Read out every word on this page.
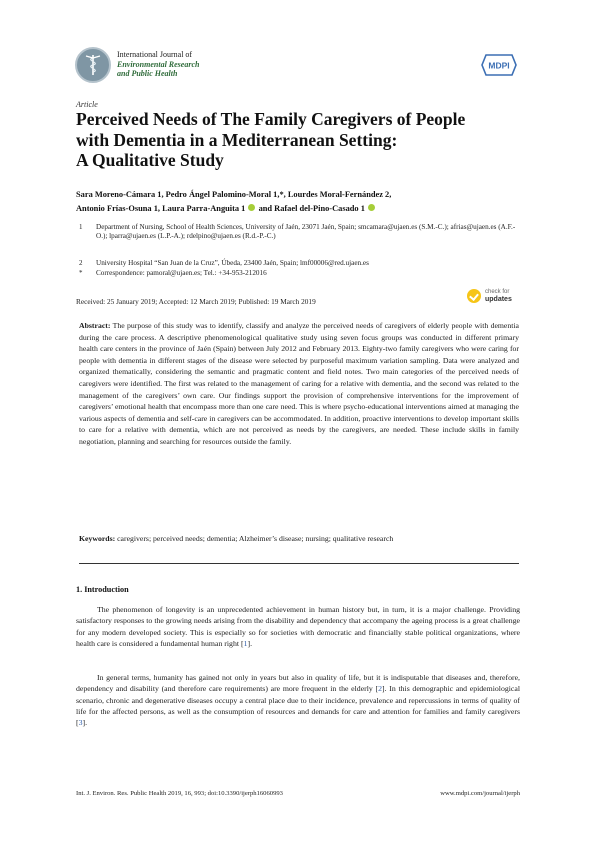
International Journal of
Environmental Research
and Public Health
MDPI
Article
Perceived Needs of The Family Caregivers of People
with Dementia in a Mediterranean Setting:
A Qualitative Study
Sara Moreno-Cámara 1, Pedro Ángel Palomino-Moral 1,*, Lourdes Moral-Fernández 2,
Antonio Frías-Osuna 1, Laura Parra-Anguita 1  and Rafael del-Pino-Casado 1
1	Department of Nursing, School of Health Sciences, University of Jaén, 23071 Jaén, Spain; smcamara@ujaen.es (S.M.-C.); afrias@ujaen.es (A.F.-O.); lparra@ujaen.es (L.P.-A.); rdelpino@ujaen.es (R.d.-P.-C.)
2	University Hospital “San Juan de la Cruz”, Úbeda, 23400 Jaén, Spain; lmf00006@red.ujaen.es
*	Correspondence: pamoral@ujaen.es; Tel.: +34-953-212016
Received: 25 January 2019; Accepted: 12 March 2019; Published: 19 March 2019
check for
updates
Abstract: The purpose of this study was to identify, classify and analyze the perceived needs of caregivers of elderly people with dementia during the care process. A descriptive phenomenological qualitative study using seven focus groups was conducted in different primary health care centers in the province of Jaén (Spain) between July 2012 and February 2013. Eighty-two family caregivers who were caring for people with dementia in different stages of the disease were selected by purposeful maximum variation sampling. Data were analyzed and organized thematically, considering the semantic and pragmatic content and field notes. Two main categories of the perceived needs of caregivers were identified. The first was related to the management of caring for a relative with dementia, and the second was related to the management of the caregivers’ own care. Our findings support the provision of comprehensive interventions for the improvement of caregivers’ emotional health that encompass more than one care need. This is where psycho-educational interventions aimed at managing the various aspects of dementia and self-care in caregivers can be accommodated. In addition, proactive interventions to develop important skills to care for a relative with dementia, which are not perceived as needs by the caregivers, are needed. These include skills in family negotiation, planning and searching for resources outside the family.
Keywords: caregivers; perceived needs; dementia; Alzheimer’s disease; nursing; qualitative research
1. Introduction
The phenomenon of longevity is an unprecedented achievement in human history but, in turn, it is a major challenge. Providing satisfactory responses to the growing needs arising from the disability and dependency that accompany the ageing process is a great challenge for any modern developed society. This is especially so for societies with democratic and financially stable political organizations, where health care is considered a fundamental human right [1].
In general terms, humanity has gained not only in years but also in quality of life, but it is indisputable that diseases and, therefore, dependency and disability (and therefore care requirements) are more frequent in the elderly [2]. In this demographic and epidemiological scenario, chronic and degenerative diseases occupy a central place due to their incidence, prevalence and repercussions in terms of quality of life for the affected persons, as well as the consumption of resources and demands for care and attention for families and family caregivers [3].
Int. J. Environ. Res. Public Health 2019, 16, 993; doi:10.3390/ijerph16060993	www.mdpi.com/journal/ijerph
